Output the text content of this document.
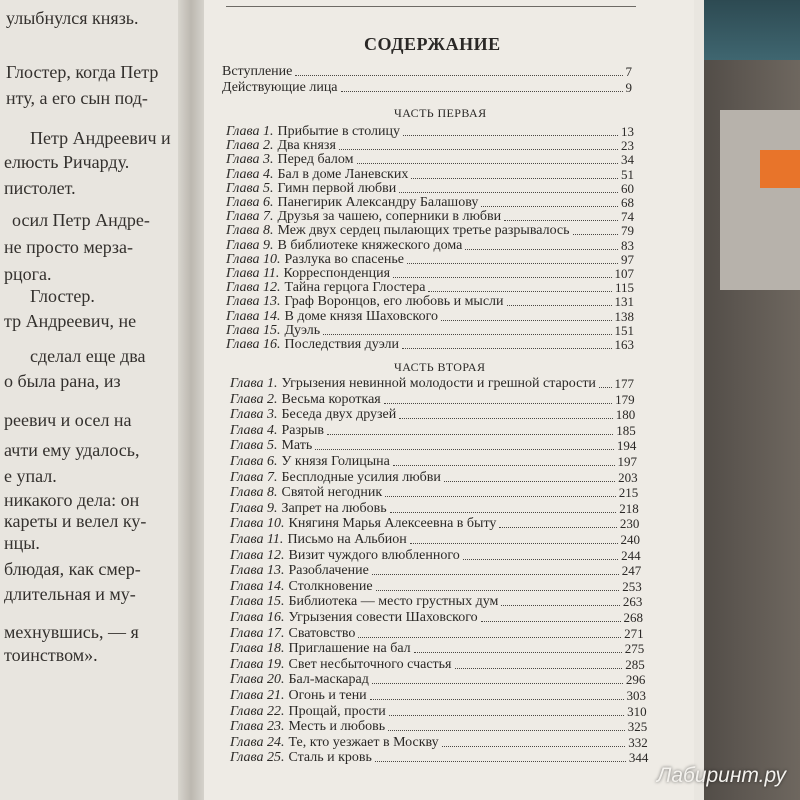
улыбнулся князь.
Глостер, когда Петр
нту, а его сын под-
Петр Андреевич и
елюсть Ричарду.
пистолет.
осил Петр Андре-
не просто мерза-
рцога.
Глостер.
тр Андреевич, не
сделал еще два
о была рана, из
реевич и осел на
ачти ему удалось,
е упал.
никакого дела: он
кареты и велел ку-
нцы.
блюдая, как смер-
длительная и му-
мехнувшись, — я
тоинством».
СОДЕРЖАНИЕ
Вступление	7
Действующие лица	9
ЧАСТЬ ПЕРВАЯ
Глава 1. Прибытие в столицу	13
Глава 2. Два князя	23
Глава 3. Перед балом	34
Глава 4. Бал в доме Ланевских	51
Глава 5. Гимн первой любви	60
Глава 6. Панегирик Александру Балашову	68
Глава 7. Друзья за чашею, соперники в любви	74
Глава 8. Меж двух сердец пылающих третье разрывалось	79
Глава 9. В библиотеке княжеского дома	83
Глава 10. Разлука во спасенье	97
Глава 11. Корреспонденция	107
Глава 12. Тайна герцога Глостера	115
Глава 13. Граф Воронцов, его любовь и мысли	131
Глава 14. В доме князя Шаховского	138
Глава 15. Дуэль	151
Глава 16. Последствия дуэли	163
ЧАСТЬ ВТОРАЯ
Глава 1. Угрызения невинной молодости и грешной старости 177
Глава 2. Весьма короткая	179
Глава 3. Беседа двух друзей	180
Глава 4. Разрыв	185
Глава 5. Мать	194
Глава 6. У князя Голицына	197
Глава 7. Бесплодные усилия любви	203
Глава 8. Святой негодник	215
Глава 9. Запрет на любовь	218
Глава 10. Княгиня Марья Алексеевна в быту	230
Глава 11. Письмо на Альбион	240
Глава 12. Визит чуждого влюбленного	244
Глава 13. Разоблачение	247
Глава 14. Столкновение	253
Глава 15. Библиотека — место грустных дум	263
Глава 16. Угрызения совести Шаховского	268
Глава 17. Сватовство	271
Глава 18. Приглашение на бал	275
Глава 19. Свет несбыточного счастья	285
Глава 20. Бал-маскарад	296
Глава 21. Огонь и тени	303
Глава 22. Прощай, прости	310
Глава 23. Месть и любовь	325
Глава 24. Те, кто уезжает в Москву	332
Глава 25. Сталь и кровь	344
Лабиринт.ру
